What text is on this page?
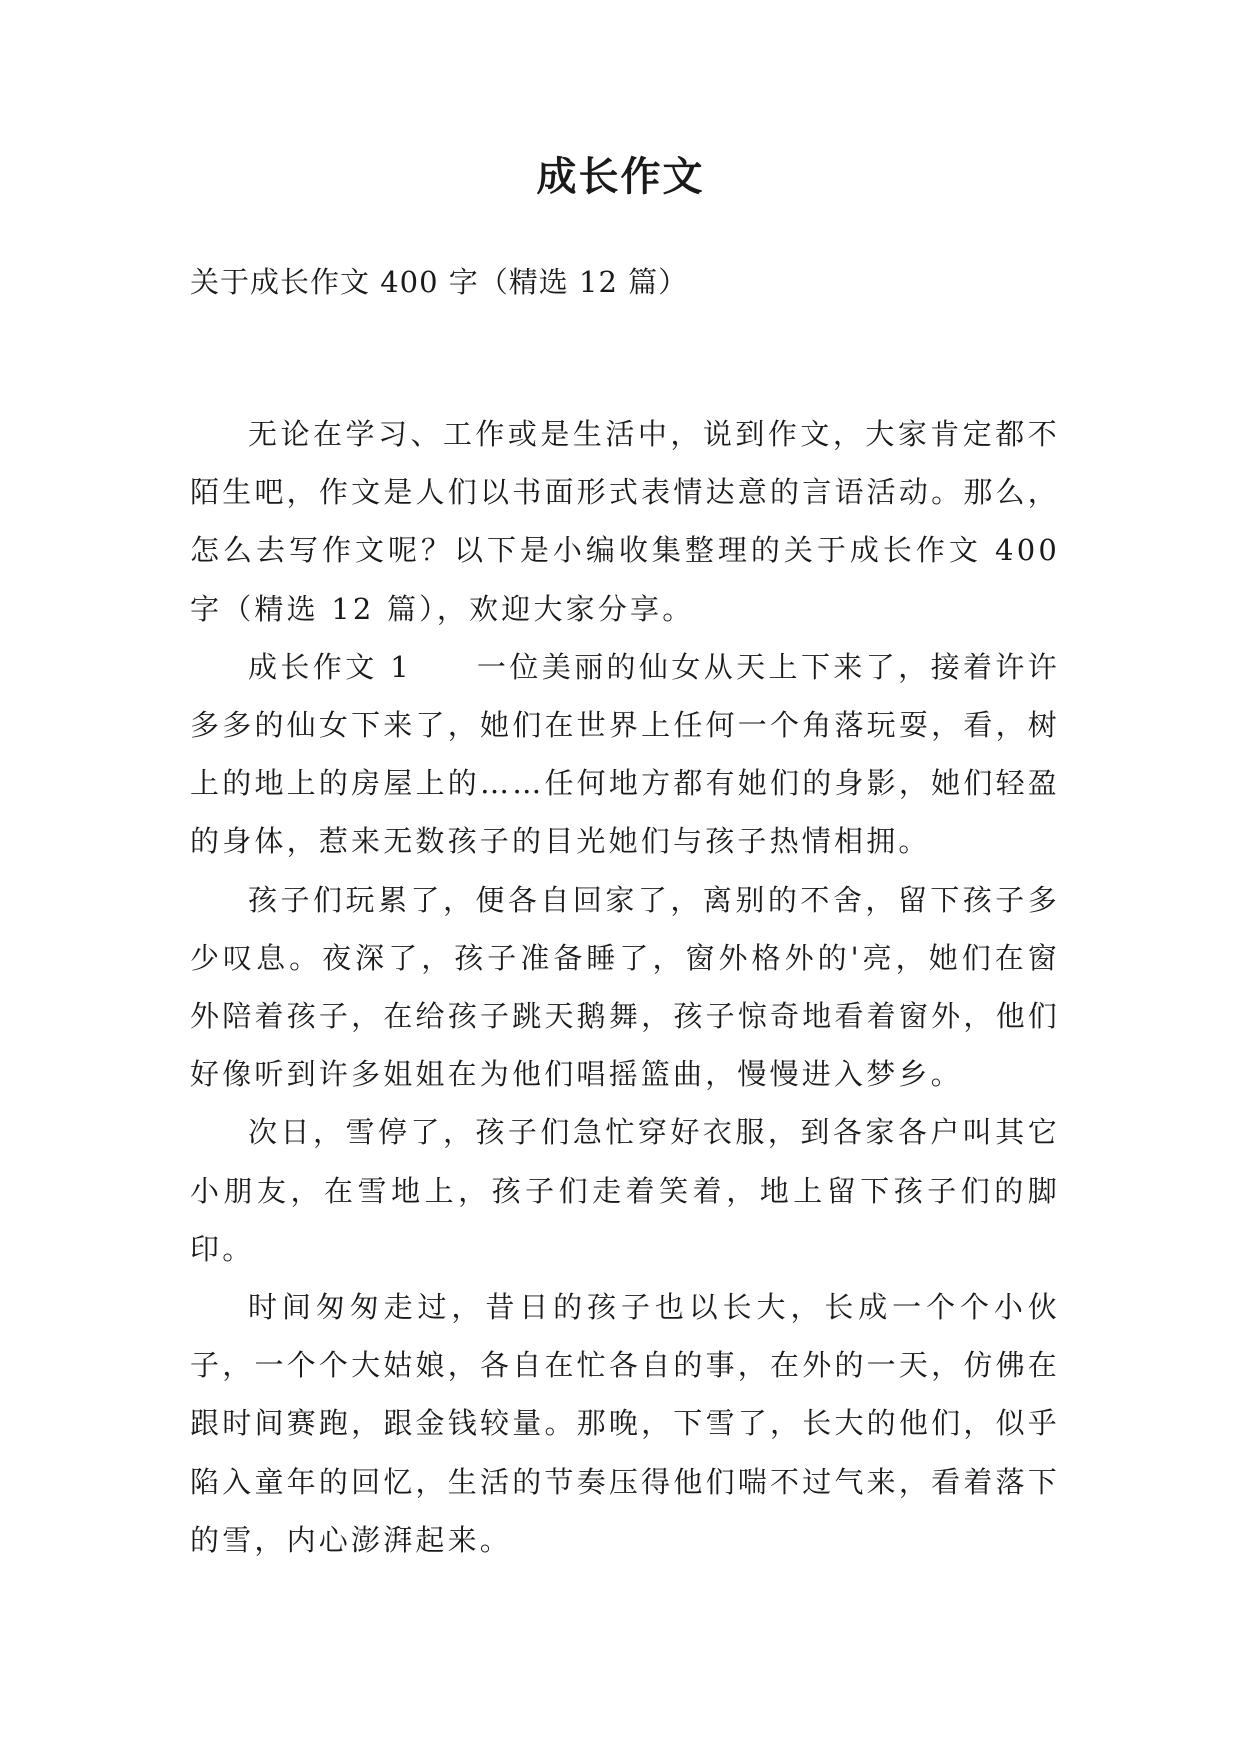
成长作文
关于成长作文 400 字（精选 12 篇）

无论在学习、工作或是生活中，说到作文，大家肯定都不陌生吧，作文是人们以书面形式表情达意的言语活动。那么，怎么去写作文呢？以下是小编收集整理的关于成长作文 400 字（精选 12 篇），欢迎大家分享。

成长作文 1　　一位美丽的仙女从天上下来了，接着许许多多的仙女下来了，她们在世界上任何一个角落玩耍，看，树上的地上的房屋上的……任何地方都有她们的身影，她们轻盈的身体，惹来无数孩子的目光她们与孩子热情相拥。

孩子们玩累了，便各自回家了，离别的不舍，留下孩子多少叹息。夜深了，孩子准备睡了，窗外格外的'亮，她们在窗外陪着孩子，在给孩子跳天鹅舞，孩子惊奇地看着窗外，他们好像听到许多姐姐在为他们唱摇篮曲，慢慢进入梦乡。

次日，雪停了，孩子们急忙穿好衣服，到各家各户叫其它小朋友，在雪地上，孩子们走着笑着，地上留下孩子们的脚印。

时间匆匆走过，昔日的孩子也以长大，长成一个个小伙子，一个个大姑娘，各自在忙各自的事，在外的一天，仿佛在跟时间赛跑，跟金钱较量。那晚，下雪了，长大的他们，似乎陷入童年的回忆，生活的节奏压得他们喘不过气来，看着落下的雪，内心澎湃起来。
